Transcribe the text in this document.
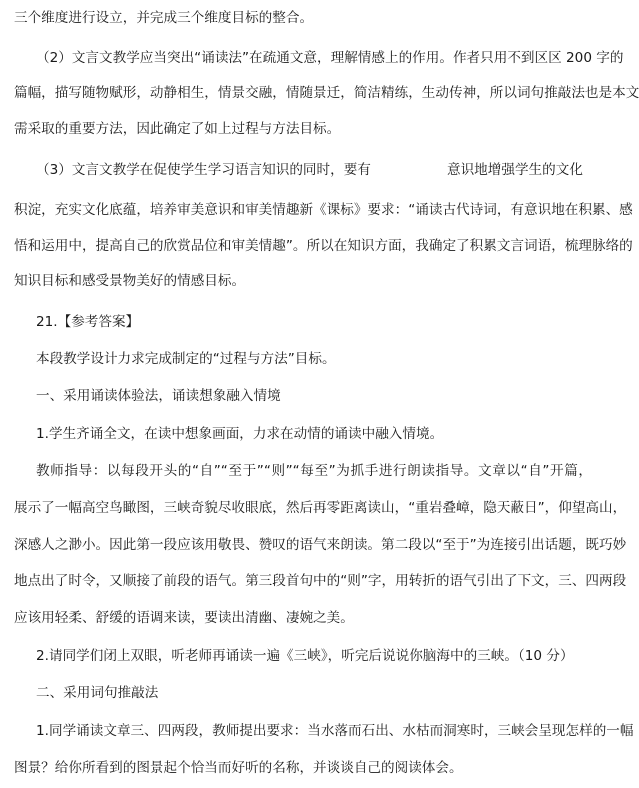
三个维度进行设立，并完成三个维度目标的整合。
（2）文言文教学应当突出“诵读法”在疏通文意，理解情感上的作用。作者只用不到区区 200 字的
篇幅，描写随物赋形，动静相生，情景交融，情随景迁，简洁精练，生动传神，所以词句推敲法也是本文
需采取的重要方法，因此确定了如上过程与方法目标。
（3）文言文教学在促使学生学习语言知识的同时，要有	意识地增强学生的文化
积淀，充实文化底蕴，培养审美意识和审美情趣新《课标》要求：“诵读古代诗词，有意识地在积累、感
悟和运用中，提高自己的欣赏品位和审美情趣”。所以在知识方面，我确定了积累文言词语，梳理脉络的
知识目标和感受景物美好的情感目标。
21.【参考答案】
本段教学设计力求完成制定的“过程与方法”目标。
一、采用诵读体验法，诵读想象融入情境
1.学生齐诵全文，在读中想象画面，力求在动情的诵读中融入情境。
教师指导：以每段开头的“自”“至于”“则”“每至”为抓手进行朗读指导。文章以“自”开篇，
展示了一幅高空鸟瞰图，三峡奇貌尽收眼底，然后再零距离读山，“重岩叠嶂，隐天蔽日”，仰望高山，
深感人之渺小。因此第一段应该用敬畏、赞叹的语气来朗读。第二段以“至于”为连接引出话题，既巧妙
地点出了时令，又顺接了前段的语气。第三段首句中的“则”字，用转折的语气引出了下文，三、四两段
应该用轻柔、舒缓的语调来读，要读出清幽、凄婉之美。
2.请同学们闭上双眼，听老师再诵读一遍《三峡》，听完后说说你脑海中的三峡。（10 分）
二、采用词句推敲法
1.同学诵读文章三、四两段，教师提出要求：当水落而石出、水枯而洞寒时，三峡会呈现怎样的一幅
图景？给你所看到的图景起个恰当而好听的名称，并谈谈自己的阅读体会。
